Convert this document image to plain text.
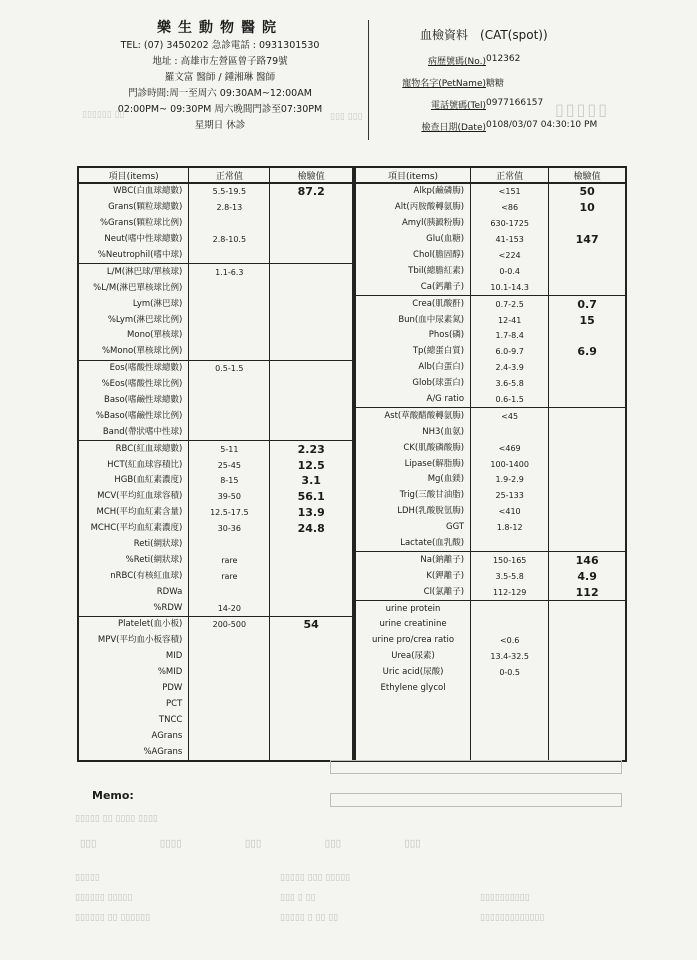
樂生動物醫院
TEL: (07) 3450202 急診電話 : 0931301530
地址 : 高雄市左營區曾子路79號
羅文富 醫師 / 鍾湘琳 醫師
門診時間:周一至周六 09:30AM~12:00AM
02:00PM~ 09:30PM 周六晚間門診至07:30PM
星期日 休診
血檢資料 (CAT(spot))
病歷號碼(No.) 012362
寵物名字(PetName) 糖糖
電話號碼(Tel) 0977166157
檢查日期(Date) 0108/03/07 04:30:10 PM
▯▯▯▯▯▯ ▯▯	▯▯▯ ▯▯▯	▯▯▯▯▯
項目(items)	正常值	檢驗值
WBC(白血球總數)	5.5-19.5	87.2
Grans(顆粒球總數)	2.8-13	
%Grans(顆粒球比例)		
Neut(嗜中性球總數)	2.8-10.5	
%Neutrophil(嗜中球)		
L/M(淋巴球/單核球)	1.1-6.3	
%L/M(淋巴單核球比例)		
Lym(淋巴球)		
%Lym(淋巴球比例)		
Mono(單核球)		
%Mono(單核球比例)		
Eos(嗜酸性球總數)	0.5-1.5	
%Eos(嗜酸性球比例)		
Baso(嗜鹼性球總數)		
%Baso(嗜鹼性球比例)		
Band(帶狀嗜中性球)		
RBC(紅血球總數)	5-11	2.23
HCT(紅血球容積比)	25-45	12.5
HGB(血紅素濃度)	8-15	3.1
MCV(平均紅血球容積)	39-50	56.1
MCH(平均血紅素含量)	12.5-17.5	13.9
MCHC(平均血紅素濃度)	30-36	24.8
Reti(網狀球)		
%Reti(網狀球)	rare	
nRBC(有核紅血球)	rare	
RDWa		
%RDW	14-20	
Platelet(血小板)	200-500	54
MPV(平均血小板容積)		
MID		
%MID		
PDW		
PCT		
TNCC		
AGrans		
%AGrans		
項目(items)	正常值	檢驗值
Alkp(鹼磷脢)	<151	50
Alt(丙胺酸轉氨脢)	<86	10
Amyl(胰澱粉脢)	630-1725	
Glu(血糖)	41-153	147
Chol(膽固醇)	<224	
Tbil(總膽紅素)	0-0.4	
Ca(鈣離子)	10.1-14.3	
Crea(肌酸酐)	0.7-2.5	0.7
Bun(血中尿素氮)	12-41	15
Phos(磷)	1.7-8.4	
Tp(總蛋白質)	6.0-9.7	6.9
Alb(白蛋白)	2.4-3.9	
Glob(球蛋白)	3.6-5.8	
A/G ratio	0.6-1.5	
Ast(草酸醋酸轉氨脢)	<45	
NH3(血氨)		
CK(肌酸磷酸脢)	<469	
Lipase(解脂脢)	100-1400	
Mg(血鎂)	1.9-2.9	
Trig(三酸甘油脂)	25-133	
LDH(乳酸脫氫脢)	<410	
GGT	1.8-12	
Lactate(血乳酸)		
Na(鈉離子)	150-165	146
K(鉀離子)	3.5-5.8	4.9
Cl(氯離子)	112-129	112
urine protein		
urine creatinine		
urine pro/crea ratio	<0.6	
Urea(尿素)	13.4-32.5	
Uric acid(尿酸)	0-0.5	
Ethylene glycol		

Memo:
▯▯▯▯▯ ▯▯ ▯▯▯▯ ▯▯▯▯
▯▯▯ ▯▯▯▯ ▯▯▯ ▯▯▯ ▯▯▯
▯▯▯▯▯	▯▯▯▯▯ ▯▯▯ ▯▯▯▯▯
▯▯▯▯▯▯ ▯▯▯▯▯	▯▯▯ ▯ ▯▯	▯▯▯▯▯▯▯▯▯▯
▯▯▯▯▯▯ ▯▯ ▯▯▯▯▯▯	▯▯▯▯▯ ▯ ▯▯ ▯▯	▯▯▯▯▯▯▯▯▯▯▯▯▯
